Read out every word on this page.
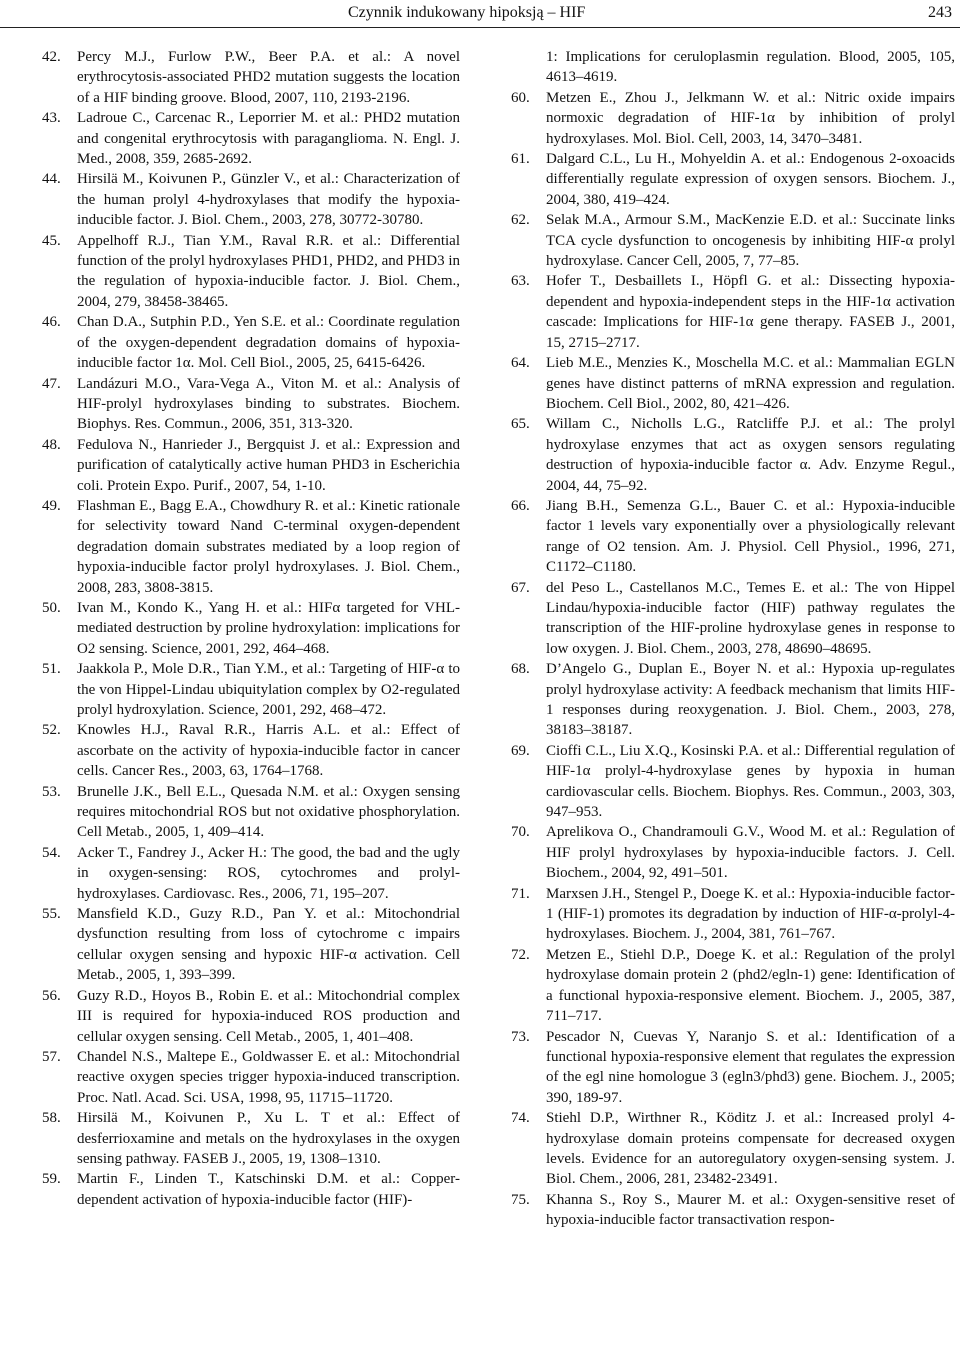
Czynnik indukowany hipoksją – HIF	243
42.	Percy M.J., Furlow P.W., Beer P.A. et al.: A novel erythrocytosis-associated PHD2 mutation suggests the location of a HIF binding groove. Blood, 2007, 110, 2193-2196.
43.	Ladroue C., Carcenac R., Leporrier M. et al.: PHD2 mutation and congenital erythrocytosis with paraganglioma. N. Engl. J. Med., 2008, 359, 2685-2692.
44.	Hirsilä M., Koivunen P., Günzler V., et al.: Characterization of the human prolyl 4-hydroxylases that modify the hypoxia-inducible factor. J. Biol. Chem., 2003, 278, 30772-30780.
45.	Appelhoff R.J., Tian Y.M., Raval R.R. et al.: Differential function of the prolyl hydroxylases PHD1, PHD2, and PHD3 in the regulation of hypoxia-inducible factor. J. Biol. Chem., 2004, 279, 38458-38465.
46.	Chan D.A., Sutphin P.D., Yen S.E. et al.: Coordinate regulation of the oxygen-dependent degradation domains of hypoxia-inducible factor 1α. Mol. Cell Biol., 2005, 25, 6415-6426.
47.	Landázuri M.O., Vara-Vega A., Viton M. et al.: Analysis of HIF-prolyl hydroxylases binding to substrates. Biochem. Biophys. Res. Commun., 2006, 351, 313-320.
48.	Fedulova N., Hanrieder J., Bergquist J. et al.: Expression and purification of catalytically active human PHD3 in Escherichia coli. Protein Expo. Purif., 2007, 54, 1-10.
49.	Flashman E., Bagg E.A., Chowdhury R. et al.: Kinetic rationale for selectivity toward Nand C-terminal oxygen-dependent degradation domain substrates mediated by a loop region of hypoxia-inducible factor prolyl hydroxylases. J. Biol. Chem., 2008, 283, 3808-3815.
50.	Ivan M., Kondo K., Yang H. et al.: HIFα targeted for VHL-mediated destruction by proline hydroxylation: implications for O2 sensing. Science, 2001, 292, 464–468.
51.	Jaakkola P., Mole D.R., Tian Y.M., et al.: Targeting of HIF-α to the von Hippel-Lindau ubiquitylation complex by O2-regulated prolyl hydroxylation. Science, 2001, 292, 468–472.
52.	Knowles H.J., Raval R.R., Harris A.L. et al.: Effect of ascorbate on the activity of hypoxia-inducible factor in cancer cells. Cancer Res., 2003, 63, 1764–1768.
53.	Brunelle J.K., Bell E.L., Quesada N.M. et al.: Oxygen sensing requires mitochondrial ROS but not oxidative phosphorylation. Cell Metab., 2005, 1, 409–414.
54.	Acker T., Fandrey J., Acker H.: The good, the bad and the ugly in oxygen-sensing: ROS, cytochromes and prolyl-hydroxylases. Cardiovasc. Res., 2006, 71, 195–207.
55.	Mansfield K.D., Guzy R.D., Pan Y. et al.: Mitochondrial dysfunction resulting from loss of cytochrome c impairs cellular oxygen sensing and hypoxic HIF-α activation. Cell Metab., 2005, 1, 393–399.
56.	Guzy R.D., Hoyos B., Robin E. et al.: Mitochondrial complex III is required for hypoxia-induced ROS production and cellular oxygen sensing. Cell Metab., 2005, 1, 401–408.
57.	Chandel N.S., Maltepe E., Goldwasser E. et al.: Mitochondrial reactive oxygen species trigger hypoxia-induced transcription. Proc. Natl. Acad. Sci. USA, 1998, 95, 11715–11720.
58.	Hirsilä M., Koivunen P., Xu L. T et al.: Effect of desferrioxamine and metals on the hydroxylases in the oxygen sensing pathway. FASEB J., 2005, 19, 1308–1310.
59.	Martin F., Linden T., Katschinski D.M. et al.: Copper-dependent activation of hypoxia-inducible factor (HIF)-
1: Implications for ceruloplasmin regulation. Blood, 2005, 105, 4613–4619.
60.	Metzen E., Zhou J., Jelkmann W. et al.: Nitric oxide impairs normoxic degradation of HIF-1α by inhibition of prolyl hydroxylases. Mol. Biol. Cell, 2003, 14, 3470–3481.
61.	Dalgard C.L., Lu H., Mohyeldin A. et al.: Endogenous 2-oxoacids differentially regulate expression of oxygen sensors. Biochem. J., 2004, 380, 419–424.
62.	Selak M.A., Armour S.M., MacKenzie E.D. et al.: Succinate links TCA cycle dysfunction to oncogenesis by inhibiting HIF-α prolyl hydroxylase. Cancer Cell, 2005, 7, 77–85.
63.	Hofer T., Desbaillets I., Höpfl G. et al.: Dissecting hypoxia-dependent and hypoxia-independent steps in the HIF-1α activation cascade: Implications for HIF-1α gene therapy. FASEB J., 2001, 15, 2715–2717.
64.	Lieb M.E., Menzies K., Moschella M.C. et al.: Mammalian EGLN genes have distinct patterns of mRNA expression and regulation. Biochem. Cell Biol., 2002, 80, 421–426.
65.	Willam C., Nicholls L.G., Ratcliffe P.J. et al.: The prolyl hydroxylase enzymes that act as oxygen sensors regulating destruction of hypoxia-inducible factor α. Adv. Enzyme Regul., 2004, 44, 75–92.
66.	Jiang B.H., Semenza G.L., Bauer C. et al.: Hypoxia-inducible factor 1 levels vary exponentially over a physiologically relevant range of O2 tension. Am. J. Physiol. Cell Physiol., 1996, 271, C1172–C1180.
67.	del Peso L., Castellanos M.C., Temes E. et al.: The von Hippel Lindau/hypoxia-inducible factor (HIF) pathway regulates the transcription of the HIF-proline hydroxylase genes in response to low oxygen. J. Biol. Chem., 2003, 278, 48690–48695.
68.	D’Angelo G., Duplan E., Boyer N. et al.: Hypoxia up-regulates prolyl hydroxylase activity: A feedback mechanism that limits HIF-1 responses during reoxygenation. J. Biol. Chem., 2003, 278, 38183–38187.
69.	Cioffi C.L., Liu X.Q., Kosinski P.A. et al.: Differential regulation of HIF-1α prolyl-4-hydroxylase genes by hypoxia in human cardiovascular cells. Biochem. Biophys. Res. Commun., 2003, 303, 947–953.
70.	Aprelikova O., Chandramouli G.V., Wood M. et al.: Regulation of HIF prolyl hydroxylases by hypoxia-inducible factors. J. Cell. Biochem., 2004, 92, 491–501.
71.	Marxsen J.H., Stengel P., Doege K. et al.: Hypoxia-inducible factor-1 (HIF-1) promotes its degradation by induction of HIF-α-prolyl-4-hydroxylases. Biochem. J., 2004, 381, 761–767.
72.	Metzen E., Stiehl D.P., Doege K. et al.: Regulation of the prolyl hydroxylase domain protein 2 (phd2/egln-1) gene: Identification of a functional hypoxia-responsive element. Biochem. J., 2005, 387, 711–717.
73.	Pescador N, Cuevas Y, Naranjo S. et al.: Identification of a functional hypoxia-responsive element that regulates the expression of the egl nine homologue 3 (egln3/phd3) gene. Biochem. J., 2005; 390, 189-97.
74.	Stiehl D.P., Wirthner R., Köditz J. et al.: Increased prolyl 4-hydroxylase domain proteins compensate for decreased oxygen levels. Evidence for an autoregulatory oxygen-sensing system. J. Biol. Chem., 2006, 281, 23482-23491.
75.	Khanna S., Roy S., Maurer M. et al.: Oxygen-sensitive reset of hypoxia-inducible factor transactivation respon-
